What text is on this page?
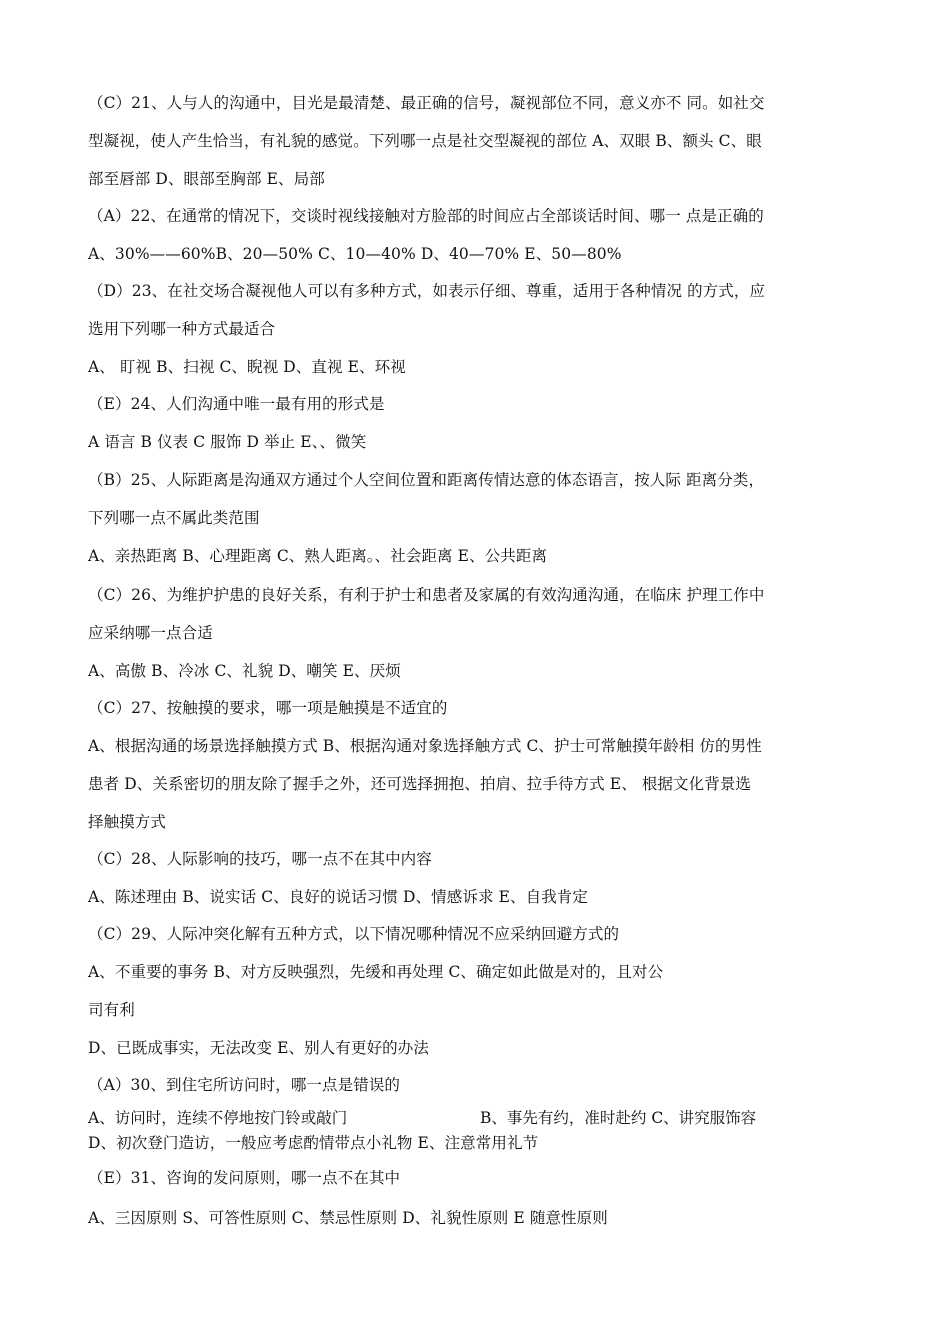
（C）21、人与人的沟通中，目光是最清楚、最正确的信号，凝视部位不同，意义亦不 同。如社交
型凝视，使人产生恰当，有礼貌的感觉。下列哪一点是社交型凝视的部位 A、双眼 B、额头 C、眼
部至唇部 D、眼部至胸部 E、局部
（A）22、在通常的情况下，交谈时视线接触对方脸部的时间应占全部谈话时间、哪一 点是正确的
A、30%——60%B、20—50% C、10—40% D、40—70% E、50—80%
（D）23、在社交场合凝视他人可以有多种方式，如表示仔细、尊重，适用于各种情况 的方式，应
选用下列哪一种方式最适合
A、 盯视 B、扫视 C、睨视 D、直视 E、环视
（E）24、人们沟通中唯一最有用的形式是
A 语言 B 仪表 C 服饰 D 举止 E、、微笑
（B）25、人际距离是沟通双方通过个人空间位置和距离传情达意的体态语言，按人际 距离分类，
下列哪一点不属此类范围
A、亲热距离 B、心理距离 C、熟人距离。、社会距离 E、公共距离
（C）26、为维护护患的良好关系，有利于护士和患者及家属的有效沟通沟通，在临床 护理工作中
应采纳哪一点合适
A、高傲 B、冷冰 C、礼貌 D、嘲笑 E、厌烦
（C）27、按触摸的要求，哪一项是触摸是不适宜的
A、根据沟通的场景选择触摸方式 B、根据沟通对象选择触方式 C、护士可常触摸年龄相 仿的男性
患者 D、关系密切的朋友除了握手之外，还可选择拥抱、拍肩、拉手待方式 E、 根据文化背景选
择触摸方式
（C）28、人际影响的技巧，哪一点不在其中内容
A、陈述理由 B、说实话 C、良好的说话习惯 D、情感诉求 E、自我肯定
（C）29、人际冲突化解有五种方式，以下情况哪种情况不应采纳回避方式的
A、不重要的事务 B、对方反映强烈，先缓和再处理 C、确定如此做是对的，且对公
司有利
D、已既成事实，无法改变 E、别人有更好的办法
（A）30、到住宅所访问时，哪一点是错误的
A、访问时，连续不停地按门铃或敲门	B、事先有约，准时赴约 C、讲究服饰容
D、初次登门造访，一般应考虑酌情带点小礼物 E、注意常用礼节
（E）31、咨询的发问原则，哪一点不在其中
A、三因原则 S、可答性原则 C、禁忌性原则 D、礼貌性原则 E 随意性原则
